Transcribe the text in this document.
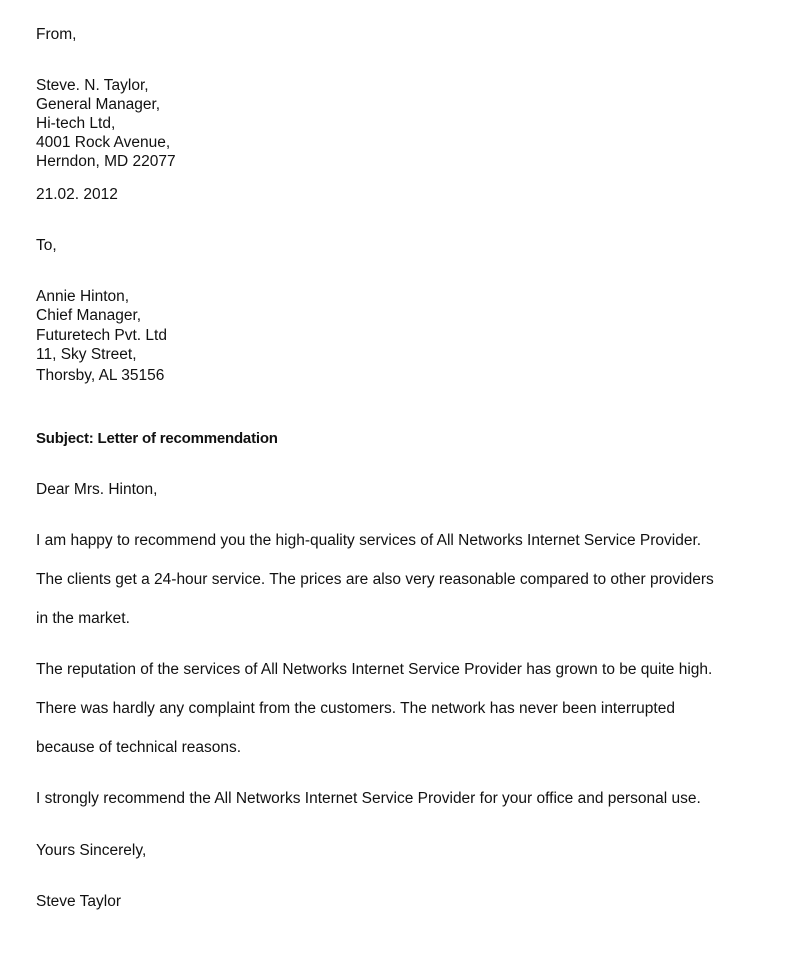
From,
Steve. N. Taylor,
General Manager,
Hi-tech Ltd,
4001 Rock Avenue,
Herndon, MD 22077
21.02. 2012
To,
Annie Hinton,
Chief Manager,
Futuretech Pvt. Ltd
11, Sky Street,
Thorsby, AL 35156
Subject: Letter of recommendation
Dear Mrs. Hinton,
I am happy to recommend you the high-quality services of All Networks Internet Service Provider.
The clients get a 24-hour service. The prices are also very reasonable compared to other providers
in the market.
The reputation of the services of All Networks Internet Service Provider has grown to be quite high.
There was hardly any complaint from the customers. The network has never been interrupted
because of technical reasons.
I strongly recommend the All Networks Internet Service Provider for your office and personal use.
Yours Sincerely,
Steve Taylor
